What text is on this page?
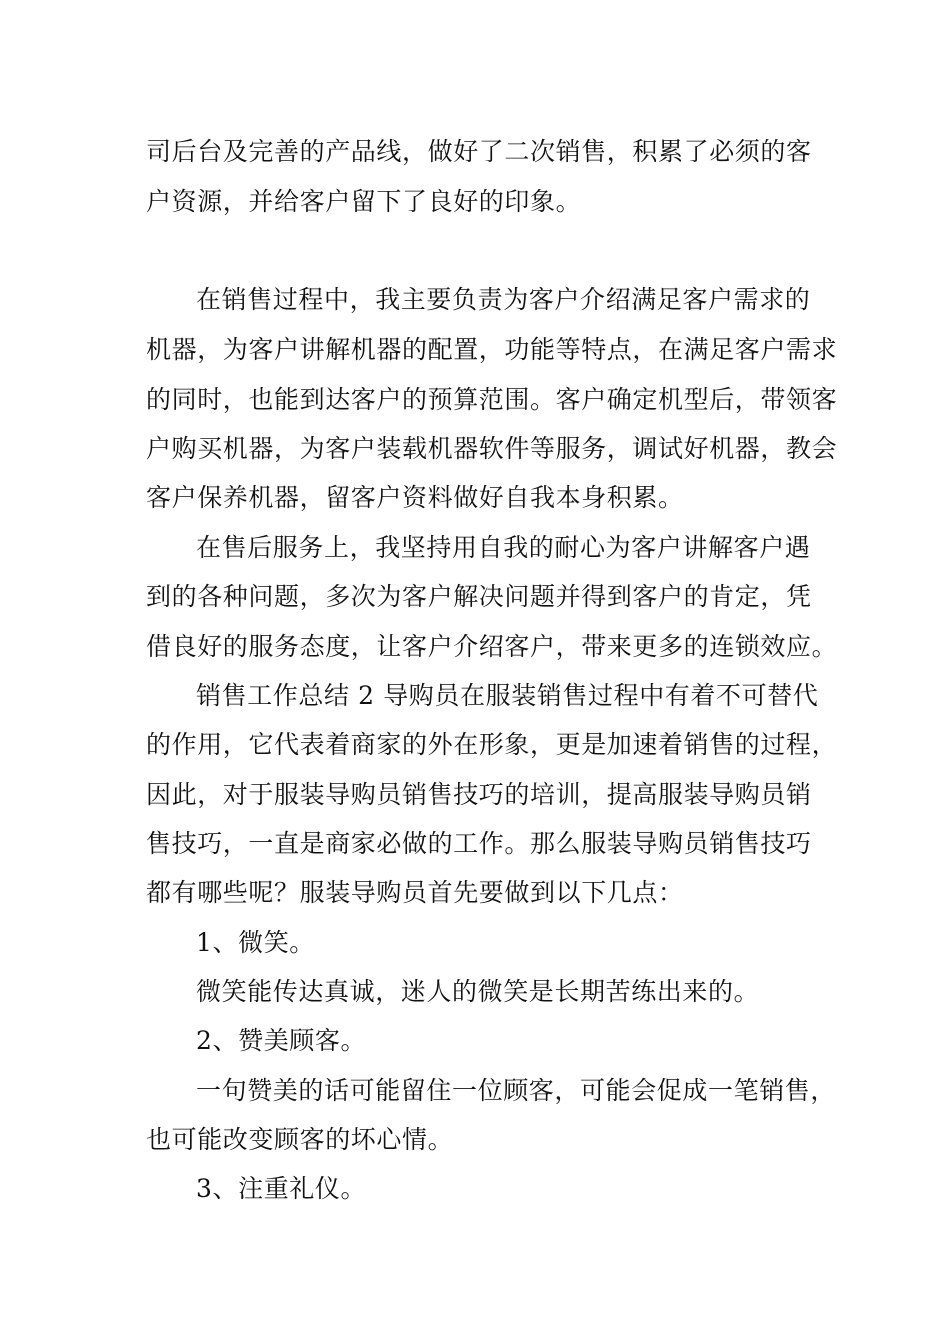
司后台及完善的产品线，做好了二次销售，积累了必须的客
户资源，并给客户留下了良好的印象。
在销售过程中，我主要负责为客户介绍满足客户需求的
机器，为客户讲解机器的配置，功能等特点，在满足客户需求
的同时，也能到达客户的预算范围。客户确定机型后，带领客
户购买机器，为客户装载机器软件等服务，调试好机器，教会
客户保养机器，留客户资料做好自我本身积累。
在售后服务上，我坚持用自我的耐心为客户讲解客户遇
到的各种问题，多次为客户解决问题并得到客户的肯定，凭
借良好的服务态度，让客户介绍客户，带来更多的连锁效应。
销售工作总结 2 导购员在服装销售过程中有着不可替代
的作用，它代表着商家的外在形象，更是加速着销售的过程，
因此，对于服装导购员销售技巧的培训，提高服装导购员销
售技巧，一直是商家必做的工作。那么服装导购员销售技巧
都有哪些呢？服装导购员首先要做到以下几点：
1、微笑。
微笑能传达真诚，迷人的微笑是长期苦练出来的。
2、赞美顾客。
一句赞美的话可能留住一位顾客，可能会促成一笔销售，
也可能改变顾客的坏心情。
3、注重礼仪。
